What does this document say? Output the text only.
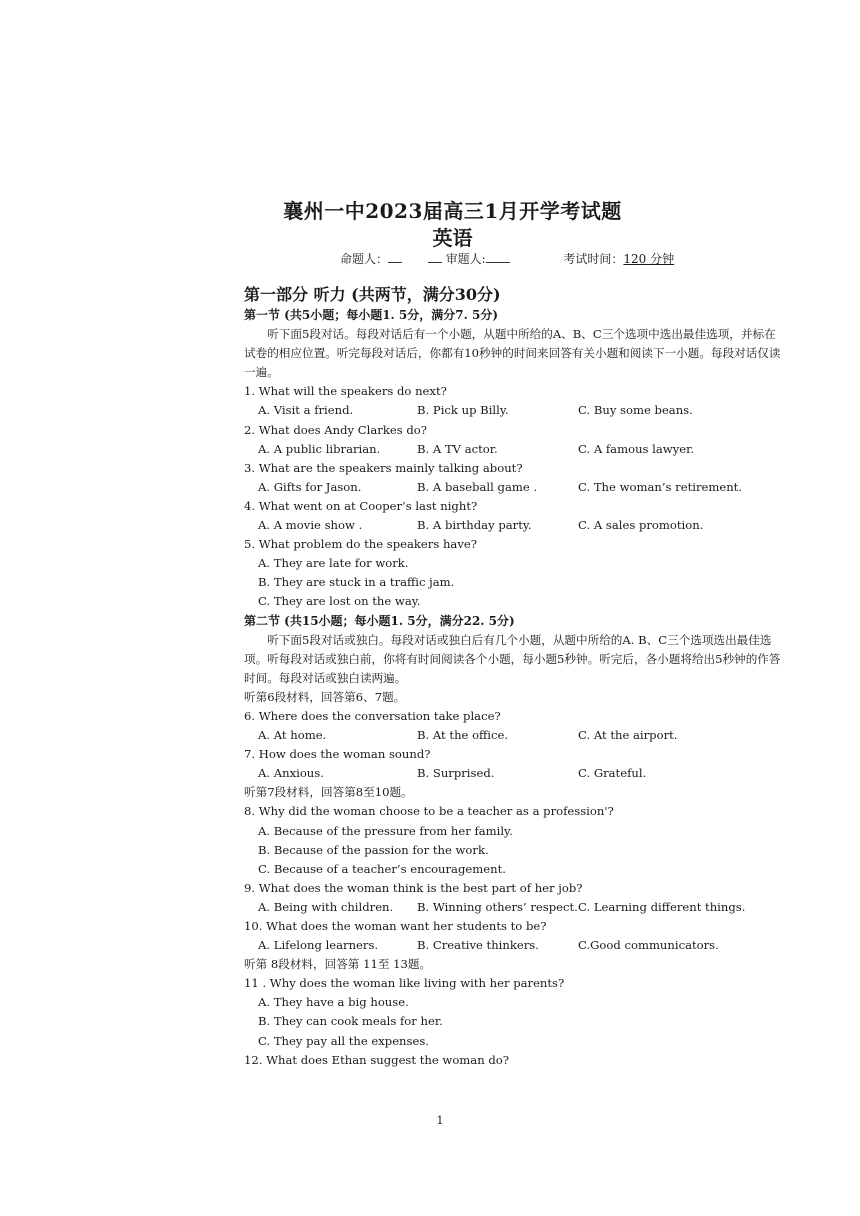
襄州一中2023届高三1月开学考试题
英语
命题人：	审题人:	考试时间：120 分钟
第一部分 听力 (共两节，满分30分)
第一节 (共5小题；每小题1. 5分，满分7. 5分)
听下面5段对话。每段对话后有一个小题，从题中所给的A、B、C三个选项中选出最佳选项，并标在试卷的相应位置。听完每段对话后，你都有10秒钟的时间来回答有关小题和阅读下一小题。每段对话仅读一遍。
1. What will the speakers do next?
A. Visit a friend.	B. Pick up Billy.	C. Buy some beans.
2. What does Andy Clarkes do?
A. A public librarian.	B. A TV actor.	C. A famous lawyer.
3. What are the speakers mainly talking about?
A. Gifts for Jason.	B. A baseball game .	C. The woman’s retirement.
4. What went on at Cooper’s last night?
A. A movie show .	B. A birthday party.	C. A sales promotion.
5. What problem do the speakers have?
A. They are late for work.
B. They are stuck in a traffic jam.
C. They are lost on the way.
第二节 (共15小题；每小题1. 5分，满分22. 5分)
听下面5段对话或独白。每段对话或独白后有几个小题，从题中所给的A. B、C三个选项选出最佳选项。听每段对话或独白前，你将有时间阅读各个小题，每小题5秒钟。听完后，各小题将给出5秒钟的作答时间。每段对话或独白读两遍。
听第6段材料，回答第6、7题。
6. Where does the conversation take place?
A. At home.	B. At the office.	C. At the airport.
7. How does the woman sound?
A. Anxious.	B. Surprised.	C. Grateful.
听第7段材料，回答第8至10题。
8. Why did the woman choose to be a teacher as a profession'?
A. Because of the pressure from her family.
B. Because of the passion for the work.
C. Because of a teacher’s encouragement.
9. What does the woman think is the best part of her job?
A. Being with children.	B. Winning others’ respect. C. Learning different things.
10. What does the woman want her students to be?
A. Lifelong learners.	B. Creative thinkers.	C.Good communicators.
听第 8段材料，回答第 11至 13题。
11 . Why does the woman like living with her parents?
A. They have a big house.
B. They can cook meals for her.
C. They pay all the expenses.
12. What does Ethan suggest the woman do?
1
